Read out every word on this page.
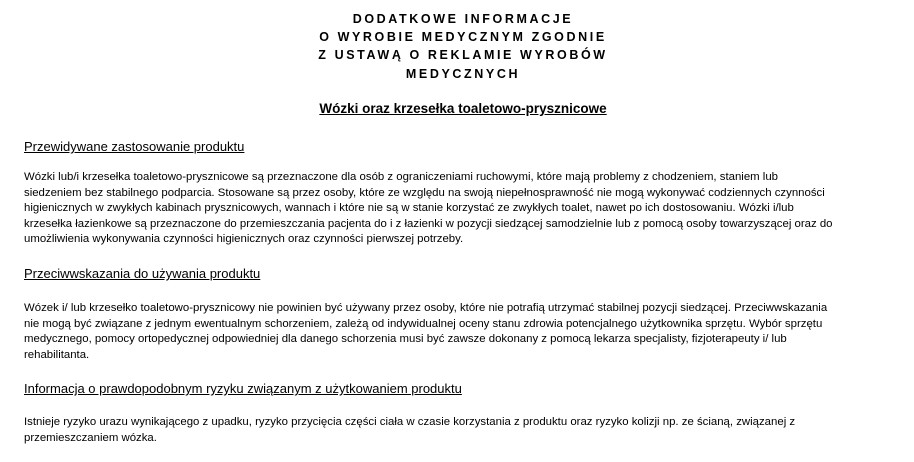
DODATKOWE INFORMACJE
O WYROBIE MEDYCZNYM ZGODNIE
Z USTAWĄ O REKLAMIE WYROBÓW
MEDYCZNYCH
Wózki oraz krzesełka toaletowo-prysznicowe
Przewidywane zastosowanie produktu
Wózki lub/i krzesełka toaletowo-prysznicowe są przeznaczone dla osób z ograniczeniami ruchowymi, które mają problemy z chodzeniem, staniem lub
siedzeniem bez stabilnego podparcia. Stosowane są przez osoby, które ze względu na swoją niepełnosprawność nie mogą wykonywać codziennych czynności
higienicznych w zwykłych kabinach prysznicowych, wannach i które nie są w stanie korzystać ze zwykłych toalet, nawet po ich dostosowaniu. Wózki i/lub
krzesełka łazienkowe są przeznaczone do przemieszczania pacjenta do i z łazienki w pozycji siedzącej samodzielnie lub z pomocą osoby towarzyszącej oraz do
umożliwienia wykonywania czynności higienicznych oraz czynności pierwszej potrzeby.
Przeciwwskazania do używania produktu
Wózek i/ lub krzesełko toaletowo-prysznicowy nie powinien być używany przez osoby, które nie potrafią utrzymać stabilnej pozycji siedzącej. Przeciwwskazania
nie mogą być związane z jednym ewentualnym schorzeniem, zależą od indywidualnej oceny stanu zdrowia potencjalnego użytkownika sprzętu. Wybór sprzętu
medycznego, pomocy ortopedycznej odpowiedniej dla danego schorzenia musi być zawsze dokonany z pomocą lekarza specjalisty, fizjoterapeuty i/ lub
rehabilitanta.
Informacja o prawdopodobnym ryzyku związanym z użytkowaniem produktu
Istnieje ryzyko urazu wynikającego z upadku, ryzyko przycięcia części ciała w czasie korzystania z produktu oraz ryzyko kolizji np. ze ścianą, związanej z
przemieszczaniem wózka.
